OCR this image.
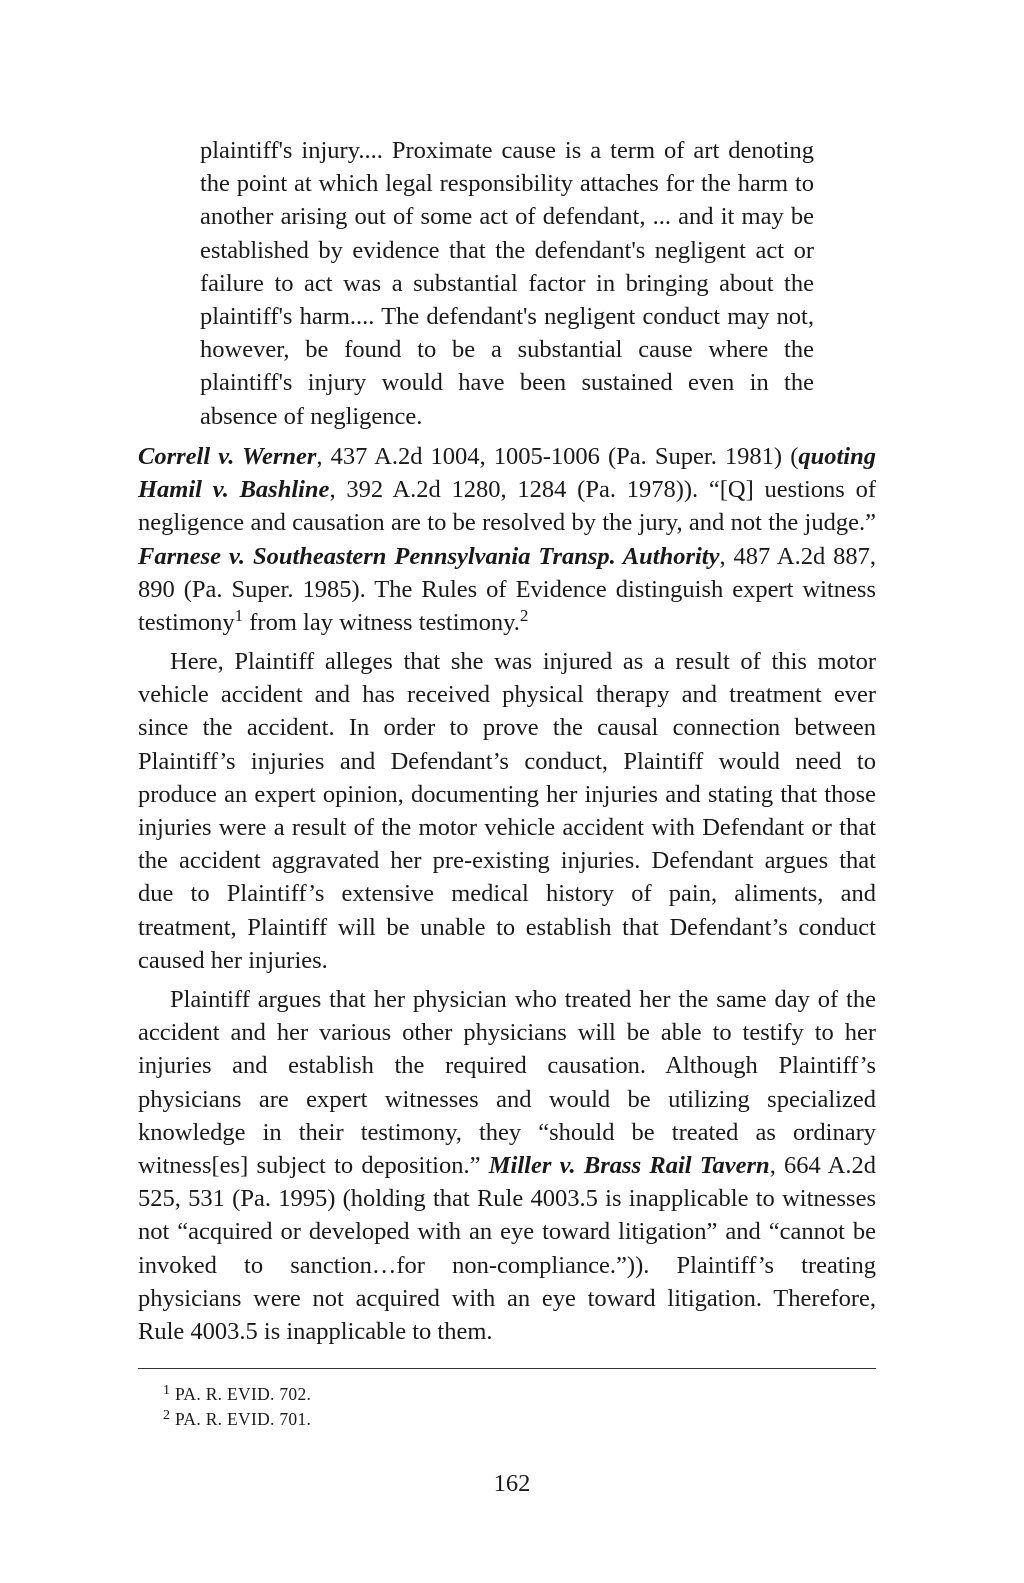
plaintiff's injury.... Proximate cause is a term of art denoting the point at which legal responsibility attaches for the harm to another arising out of some act of defendant, ... and it may be established by evidence that the defendant's negligent act or failure to act was a substantial factor in bringing about the plaintiff's harm.... The defendant's negligent conduct may not, however, be found to be a substantial cause where the plaintiff's injury would have been sustained even in the absence of negligence.

Correll v. Werner, 437 A.2d 1004, 1005-1006 (Pa. Super. 1981) (quoting Hamil v. Bashline, 392 A.2d 1280, 1284 (Pa. 1978)). “[Q] uestions of negligence and causation are to be resolved by the jury, and not the judge.” Farnese v. Southeastern Pennsylvania Transp. Authority, 487 A.2d 887, 890 (Pa. Super. 1985). The Rules of Evidence distinguish expert witness testimony$^1$ from lay witness testimony.$^2$

Here, Plaintiff alleges that she was injured as a result of this motor vehicle accident and has received physical therapy and treatment ever since the accident. In order to prove the causal connection between Plaintiff’s injuries and Defendant’s conduct, Plaintiff would need to produce an expert opinion, documenting her injuries and stating that those injuries were a result of the motor vehicle accident with Defendant or that the accident aggravated her pre-existing injuries. Defendant argues that due to Plaintiff’s extensive medical history of pain, aliments, and treatment, Plaintiff will be unable to establish that Defendant’s conduct caused her injuries.

Plaintiff argues that her physician who treated her the same day of the accident and her various other physicians will be able to testify to her injuries and establish the required causation. Although Plaintiff’s physicians are expert witnesses and would be utilizing specialized knowledge in their testimony, they “should be treated as ordinary witness[es] subject to deposition.” Miller v. Brass Rail Tavern, 664 A.2d 525, 531 (Pa. 1995) (holding that Rule 4003.5 is inapplicable to witnesses not “acquired or developed with an eye toward litigation” and “cannot be invoked to sanction…for non-compliance.”)). Plaintiff’s treating physicians were not acquired with an eye toward litigation. Therefore, Rule 4003.5 is inapplicable to them.

$^1$ PA. R. EVID. 702.
$^2$ PA. R. EVID. 701.
162
